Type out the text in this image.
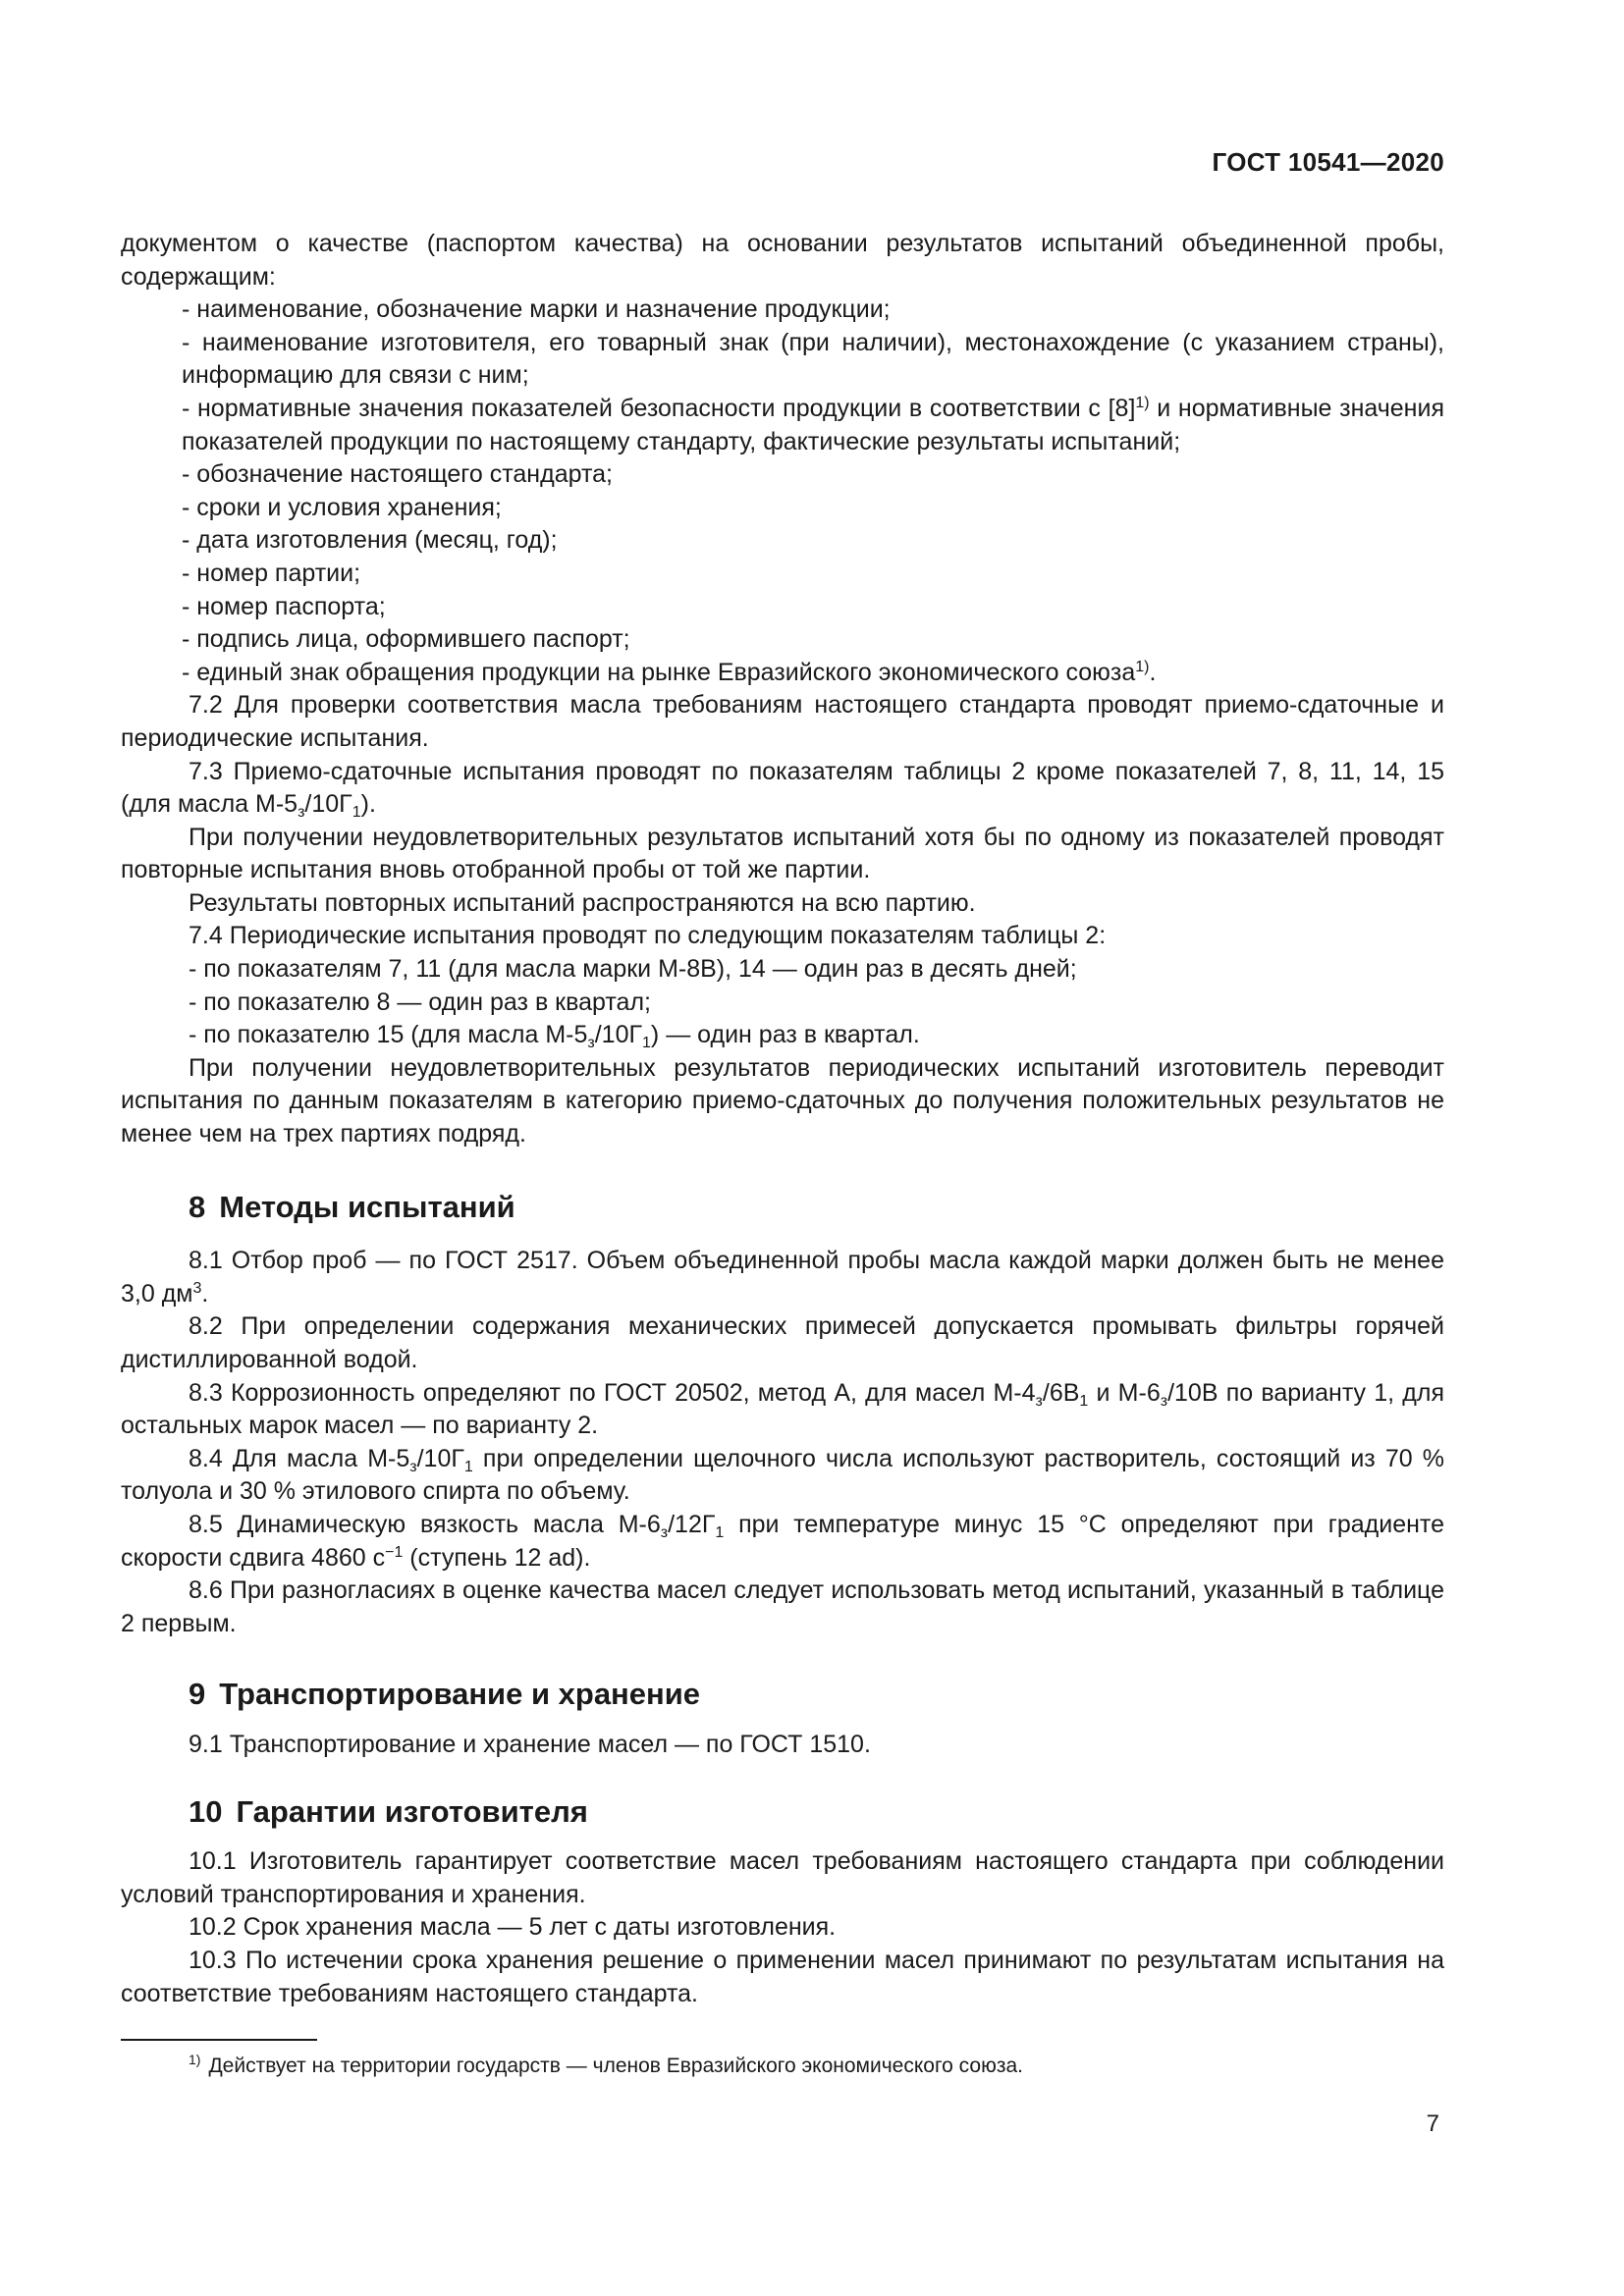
ГОСТ 10541—2020

документом о качестве (паспортом качества) на основании результатов испытаний объединенной пробы, содержащим:

- наименование, обозначение марки и назначение продукции;

- наименование изготовителя, его товарный знак (при наличии), местонахождение (с указанием страны), информацию для связи с ним;

- нормативные значения показателей безопасности продукции в соответствии с $[8]^{1)}$ и нормативные значения показателей продукции по настоящему стандарту, фактические результаты испытаний;

- обозначение настоящего стандарта;

- сроки и условия хранения;

- дата изготовления (месяц, год);

- номер партии;

- номер паспорта;

- подпись лица, оформившего паспорт;

- единый знак обращения продукции на рынке Евразийского экономического союза$^{1)}$.

7.2 Для проверки соответствия масла требованиям настоящего стандарта проводят приемо-сдаточные и периодические испытания.

7.3 Приемо-сдаточные испытания проводят по показателям таблицы 2 кроме показателей 7, 8, 11, 14, 15 (для масла $М-5_з/10Г_1$).

При получении неудовлетворительных результатов испытаний хотя бы по одному из показателей проводят повторные испытания вновь отобранной пробы от той же партии.

Результаты повторных испытаний распространяются на всю партию.

7.4 Периодические испытания проводят по следующим показателям таблицы 2:

- по показателям 7, 11 (для масла марки М-8В), 14 — один раз в десять дней;

- по показателю 8 — один раз в квартал;

- по показателю 15 (для масла $М-5_з/10Г_1$) — один раз в квартал.

При получении неудовлетворительных результатов периодических испытаний изготовитель переводит испытания по данным показателям в категорию приемо-сдаточных до получения положительных результатов не менее чем на трех партиях подряд.

8 Методы испытаний

8.1 Отбор проб — по ГОСТ 2517. Объем объединенной пробы масла каждой марки должен быть не менее 3,0 $дм^3$.

8.2 При определении содержания механических примесей допускается промывать фильтры горячей дистиллированной водой.

8.3 Коррозионность определяют по ГОСТ 20502, метод А, для масел $М-4_з/6В_1$ и $М-6_з/10В$ по варианту 1, для остальных марок масел — по варианту 2.

8.4 Для масла $М-5_з/10Г_1$ при определении щелочного числа используют растворитель, состоящий из 70 % толуола и 30 % этилового спирта по объему.

8.5 Динамическую вязкость масла $М-6_з/12Г_1$ при температуре минус 15 °С определяют при градиенте скорости сдвига 4860 $с^{-1}$ (ступень 12 ad).

8.6 При разногласиях в оценке качества масел следует использовать метод испытаний, указанный в таблице 2 первым.

9 Транспортирование и хранение

9.1 Транспортирование и хранение масел — по ГОСТ 1510.

10 Гарантии изготовителя

10.1 Изготовитель гарантирует соответствие масел требованиям настоящего стандарта при соблюдении условий транспортирования и хранения.

10.2 Срок хранения масла — 5 лет с даты изготовления.

10.3 По истечении срока хранения решение о применении масел принимают по результатам испытания на соответствие требованиям настоящего стандарта.

$^{1)}$ Действует на территории государств — членов Евразийского экономического союза.
7
